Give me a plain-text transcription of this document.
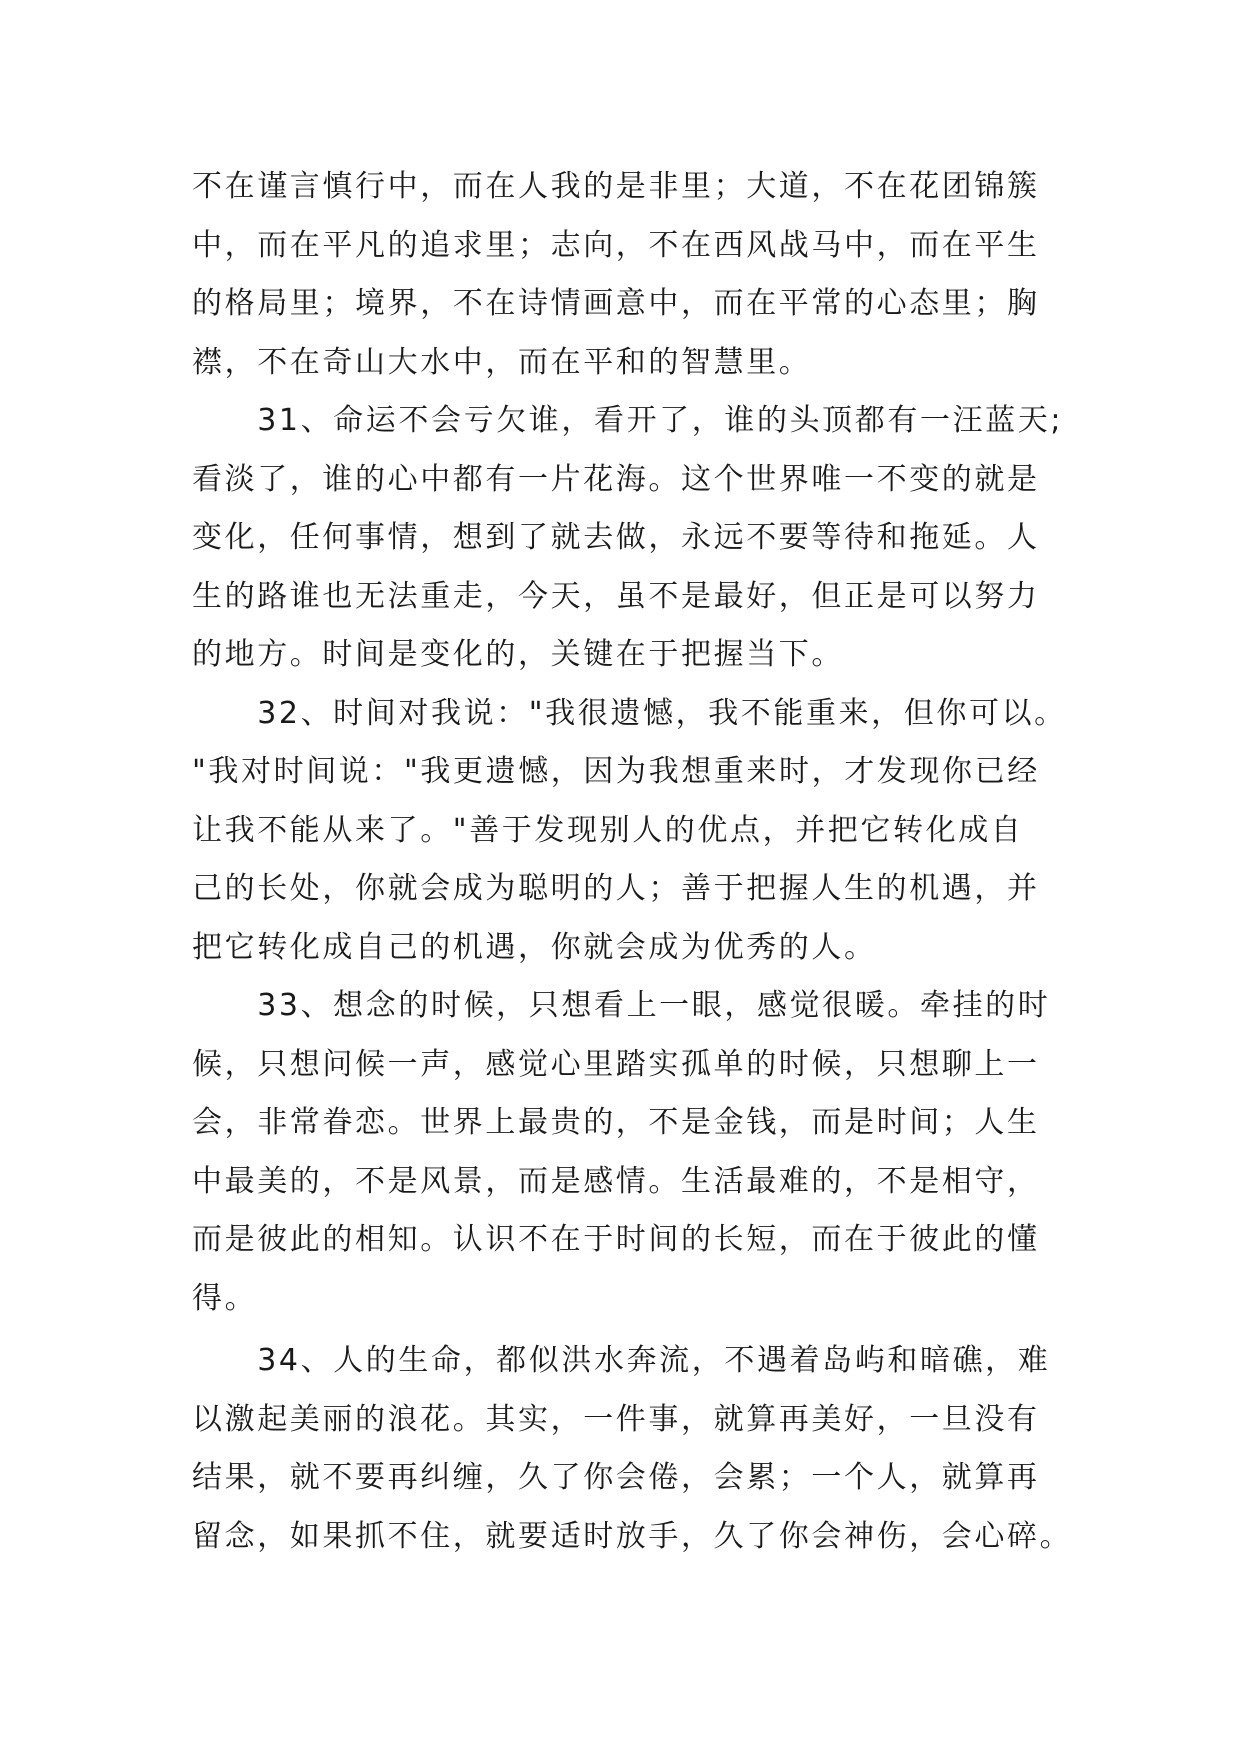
不在谨言慎行中，而在人我的是非里；大道，不在花团锦簇
中，而在平凡的追求里；志向，不在西风战马中，而在平生
的格局里；境界，不在诗情画意中，而在平常的心态里；胸
襟，不在奇山大水中，而在平和的智慧里。
　　31、命运不会亏欠谁，看开了，谁的头顶都有一汪蓝天;
看淡了，谁的心中都有一片花海。这个世界唯一不变的就是
变化，任何事情，想到了就去做，永远不要等待和拖延。人
生的路谁也无法重走，今天，虽不是最好，但正是可以努力
的地方。时间是变化的，关键在于把握当下。
　　32、时间对我说："我很遗憾，我不能重来，但你可以。
"我对时间说："我更遗憾，因为我想重来时，才发现你已经
让我不能从来了。"善于发现别人的优点，并把它转化成自
己的长处，你就会成为聪明的人；善于把握人生的机遇，并
把它转化成自己的机遇，你就会成为优秀的人。
　　33、想念的时候，只想看上一眼，感觉很暖。牵挂的时
候，只想问候一声，感觉心里踏实孤单的时候，只想聊上一
会，非常眷恋。世界上最贵的，不是金钱，而是时间；人生
中最美的，不是风景，而是感情。生活最难的，不是相守，
而是彼此的相知。认识不在于时间的长短，而在于彼此的懂
得。
　　34、人的生命，都似洪水奔流，不遇着岛屿和暗礁，难
以激起美丽的浪花。其实，一件事，就算再美好，一旦没有
结果，就不要再纠缠，久了你会倦，会累；一个人，就算再
留念，如果抓不住，就要适时放手，久了你会神伤，会心碎。
